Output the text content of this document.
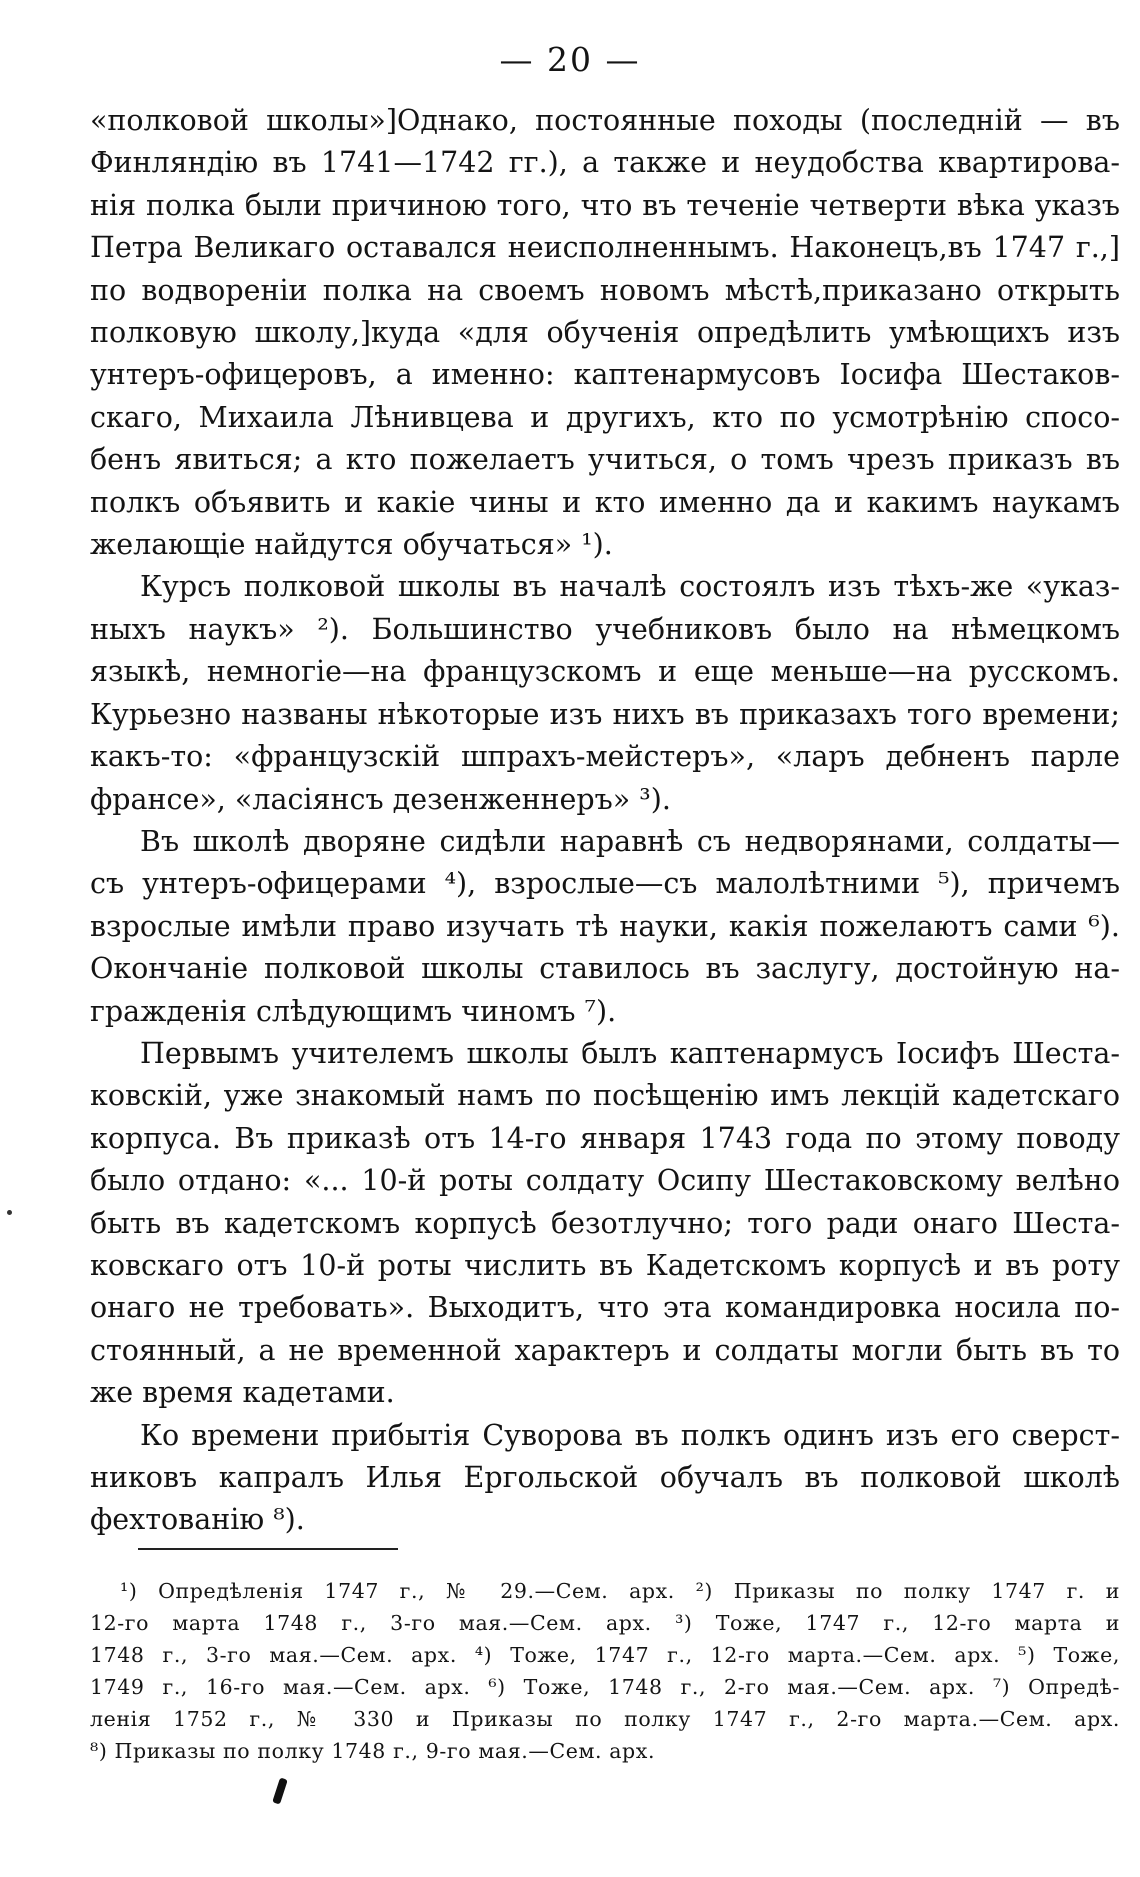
— 20 —
«полковой школы»]Однако, постоянные походы (последній — въ
Финляндію въ 1741—1742 гг.), а также и неудобства квартирова-
нія полка были причиною того, что въ теченіе четверти вѣка указъ
Петра Великаго оставался неисполненнымъ. Наконецъ,въ 1747 г.,]
по водвореніи полка на своемъ новомъ мѣстѣ,приказано открыть
полковую школу,]куда «для обученія опредѣлить умѣющихъ изъ
унтеръ-офицеровъ, а именно: каптенармусовъ Іосифа Шестаков-
скаго, Михаила Лѣнивцева и другихъ, кто по усмотрѣнію спосо-
бенъ явиться; а кто пожелаетъ учиться, о томъ чрезъ приказъ въ
полкъ объявить и какіе чины и кто именно да и какимъ наукамъ
желающіе найдутся обучаться» ¹).
Курсъ полковой школы въ началѣ состоялъ изъ тѣхъ-же «указ-
ныхъ наукъ» ²). Большинство учебниковъ было на нѣмецкомъ
языкѣ, немногіе—на французскомъ и еще меньше—на русскомъ.
Курьезно названы нѣкоторые изъ нихъ въ приказахъ того времени;
какъ-то: «французскій шпрахъ-мейстеръ», «ларъ дебненъ парле
франсе», «ласіянсъ дезенженнеръ» ³).
Въ школѣ дворяне сидѣли наравнѣ съ недворянами, солдаты—
съ унтеръ-офицерами ⁴), взрослые—съ малолѣтними ⁵), причемъ
взрослые имѣли право изучать тѣ науки, какія пожелаютъ сами ⁶).
Окончаніе полковой школы ставилось въ заслугу, достойную на-
гражденія слѣдующимъ чиномъ ⁷).
Первымъ учителемъ школы былъ каптенармусъ Іосифъ Шеста-
ковскій, уже знакомый намъ по посѣщенію имъ лекцій кадетскаго
корпуса. Въ приказѣ отъ 14-го января 1743 года по этому поводу
было отдано: «... 10-й роты солдату Осипу Шестаковскому велѣно
быть въ кадетскомъ корпусѣ безотлучно; того ради онаго Шеста-
ковскаго отъ 10-й роты числить въ Кадетскомъ корпусѣ и въ роту
онаго не требовать». Выходитъ, что эта командировка носила по-
стоянный, а не временной характеръ и солдаты могли быть въ то
же время кадетами.
Ко времени прибытія Суворова въ полкъ одинъ изъ его сверст-
никовъ капралъ Илья Ергольской обучалъ въ полковой школѣ
фехтованію ⁸).
¹) Опредѣленія 1747 г., № 29.—Сем. арх. ²) Приказы по полку 1747 г. и
12-го марта 1748 г., 3-го мая.—Сем. арх. ³) Тоже, 1747 г., 12-го марта и
1748 г., 3-го мая.—Сем. арх. ⁴) Тоже, 1747 г., 12-го марта.—Сем. арх. ⁵) Тоже,
1749 г., 16-го мая.—Сем. арх. ⁶) Тоже, 1748 г., 2-го мая.—Сем. арх. ⁷) Опредѣ-
ленія 1752 г., № 330 и Приказы по полку 1747 г., 2-го марта.—Сем. арх.
⁸) Приказы по полку 1748 г., 9-го мая.—Сем. арх.
